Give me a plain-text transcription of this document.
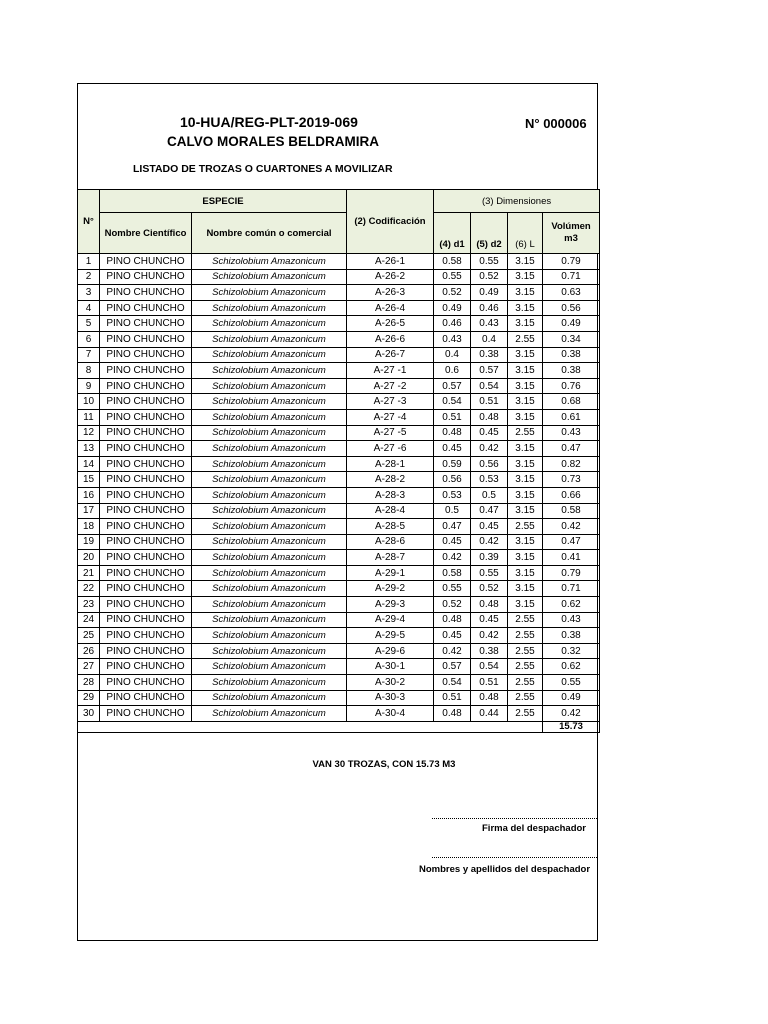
10-HUA/REG-PLT-2019-069	N° 000006
CALVO MORALES BELDRAMIRA
LISTADO DE TROZAS O CUARTONES A MOVILIZAR
N°	ESPECIE		(2) Codificación	(3) Dimensiones			
	Nombre Científico	Nombre común o comercial		(4) d1	(5) d2	(6) L	Volúmen m3
1	PINO CHUNCHO	Schizolobium Amazonicum	A-26-1	0.58	0.55	3.15	0.79
2	PINO CHUNCHO	Schizolobium Amazonicum	A-26-2	0.55	0.52	3.15	0.71
3	PINO CHUNCHO	Schizolobium Amazonicum	A-26-3	0.52	0.49	3.15	0.63
4	PINO CHUNCHO	Schizolobium Amazonicum	A-26-4	0.49	0.46	3.15	0.56
5	PINO CHUNCHO	Schizolobium Amazonicum	A-26-5	0.46	0.43	3.15	0.49
6	PINO CHUNCHO	Schizolobium Amazonicum	A-26-6	0.43	0.4	2.55	0.34
7	PINO CHUNCHO	Schizolobium Amazonicum	A-26-7	0.4	0.38	3.15	0.38
8	PINO CHUNCHO	Schizolobium Amazonicum	A-27 -1	0.6	0.57	3.15	0.38
9	PINO CHUNCHO	Schizolobium Amazonicum	A-27 -2	0.57	0.54	3.15	0.76
10	PINO CHUNCHO	Schizolobium Amazonicum	A-27 -3	0.54	0.51	3.15	0.68
11	PINO CHUNCHO	Schizolobium Amazonicum	A-27 -4	0.51	0.48	3.15	0.61
12	PINO CHUNCHO	Schizolobium Amazonicum	A-27 -5	0.48	0.45	2.55	0.43
13	PINO CHUNCHO	Schizolobium Amazonicum	A-27 -6	0.45	0.42	3.15	0.47
14	PINO CHUNCHO	Schizolobium Amazonicum	A-28-1	0.59	0.56	3.15	0.82
15	PINO CHUNCHO	Schizolobium Amazonicum	A-28-2	0.56	0.53	3.15	0.73
16	PINO CHUNCHO	Schizolobium Amazonicum	A-28-3	0.53	0.5	3.15	0.66
17	PINO CHUNCHO	Schizolobium Amazonicum	A-28-4	0.5	0.47	3.15	0.58
18	PINO CHUNCHO	Schizolobium Amazonicum	A-28-5	0.47	0.45	2.55	0.42
19	PINO CHUNCHO	Schizolobium Amazonicum	A-28-6	0.45	0.42	3.15	0.47
20	PINO CHUNCHO	Schizolobium Amazonicum	A-28-7	0.42	0.39	3.15	0.41
21	PINO CHUNCHO	Schizolobium Amazonicum	A-29-1	0.58	0.55	3.15	0.79
22	PINO CHUNCHO	Schizolobium Amazonicum	A-29-2	0.55	0.52	3.15	0.71
23	PINO CHUNCHO	Schizolobium Amazonicum	A-29-3	0.52	0.48	3.15	0.62
24	PINO CHUNCHO	Schizolobium Amazonicum	A-29-4	0.48	0.45	2.55	0.43
25	PINO CHUNCHO	Schizolobium Amazonicum	A-29-5	0.45	0.42	2.55	0.38
26	PINO CHUNCHO	Schizolobium Amazonicum	A-29-6	0.42	0.38	2.55	0.32
27	PINO CHUNCHO	Schizolobium Amazonicum	A-30-1	0.57	0.54	2.55	0.62
28	PINO CHUNCHO	Schizolobium Amazonicum	A-30-2	0.54	0.51	2.55	0.55
29	PINO CHUNCHO	Schizolobium Amazonicum	A-30-3	0.51	0.48	2.55	0.49
30	PINO CHUNCHO	Schizolobium Amazonicum	A-30-4	0.48	0.44	2.55	0.42
							15.73
VAN 30 TROZAS, CON 15.73 M3
Firma del despachador
Nombres y apellidos del despachador
